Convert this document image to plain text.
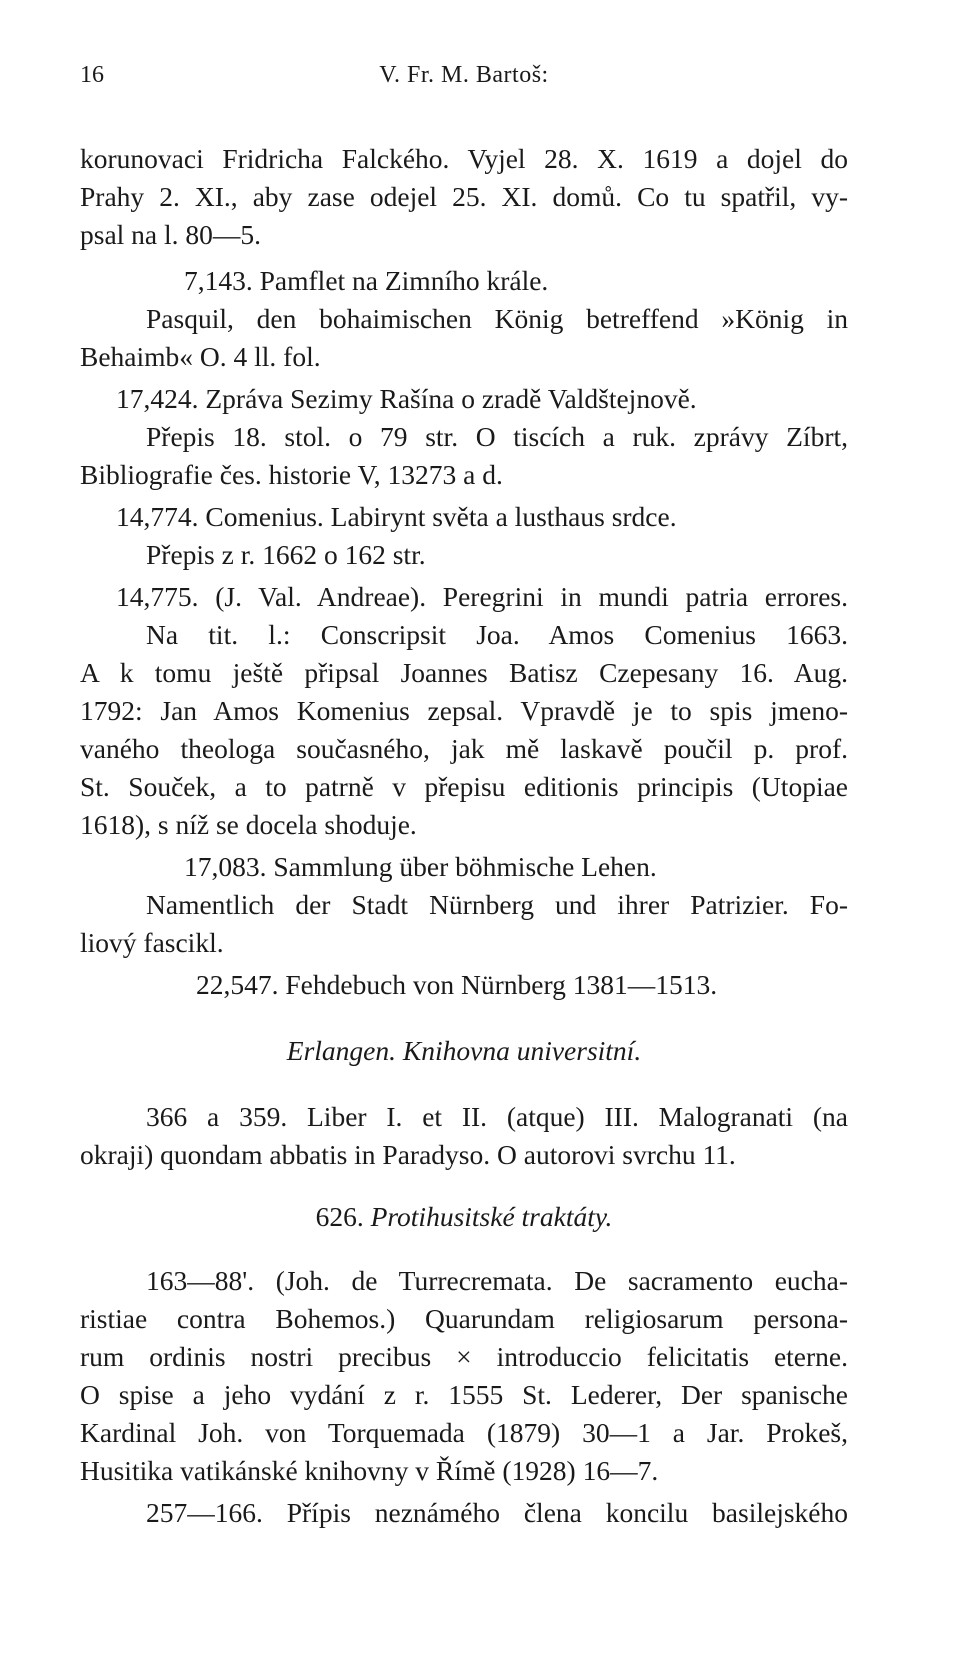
16	V. Fr. M. Bartoš:
korunovaci Fridricha Falckého. Vyjel 28. X. 1619 a dojel do
Prahy 2. XI., aby zase odejel 25. XI. domů. Co tu spatřil, vy-
psal na l. 80—5.
7,143. Pamflet na Zimního krále.
Pasquil, den bohaimischen König betreffend »König in
Behaimb« O. 4 ll. fol.
17,424. Zpráva Sezimy Rašína o zradě Valdštejnově.
Přepis 18. stol. o 79 str. O tiscích a ruk. zprávy Zíbrt,
Bibliografie čes. historie V, 13273 a d.
14,774. Comenius. Labirynt světa a lusthaus srdce.
Přepis z r. 1662 o 162 str.
14,775. (J. Val. Andreae). Peregrini in mundi patria errores.
Na tit. l.: Conscripsit Joa. Amos Comenius 1663.
A k tomu ještě připsal Joannes Batisz Czepesany 16. Aug.
1792: Jan Amos Komenius zepsal. Vpravdě je to spis jmeno-
vaného theologa současného, jak mě laskavě poučil p. prof.
St. Souček, a to patrně v přepisu editionis principis (Utopiae
1618), s níž se docela shoduje.
17,083. Sammlung über böhmische Lehen.
Namentlich der Stadt Nürnberg und ihrer Patrizier. Fo-
liový fascikl.
22,547. Fehdebuch von Nürnberg 1381—1513.
Erlangen. Knihovna universitní.
366 a 359. Liber I. et II. (atque) III. Malogranati (na
okraji) quondam abbatis in Paradyso. O autorovi svrchu 11.
626. Protihusitské traktáty.
163—88'. (Joh. de Turrecremata. De sacramento eucha-
ristiae contra Bohemos.) Quarundam religiosarum persona-
rum ordinis nostri precibus × introduccio felicitatis eterne.
O spise a jeho vydání z r. 1555 St. Lederer, Der spanische
Kardinal Joh. von Torquemada (1879) 30—1 a Jar. Prokeš,
Husitika vatikánské knihovny v Římě (1928) 16—7.
257—166. Přípis neznámého člena koncilu basilejského
